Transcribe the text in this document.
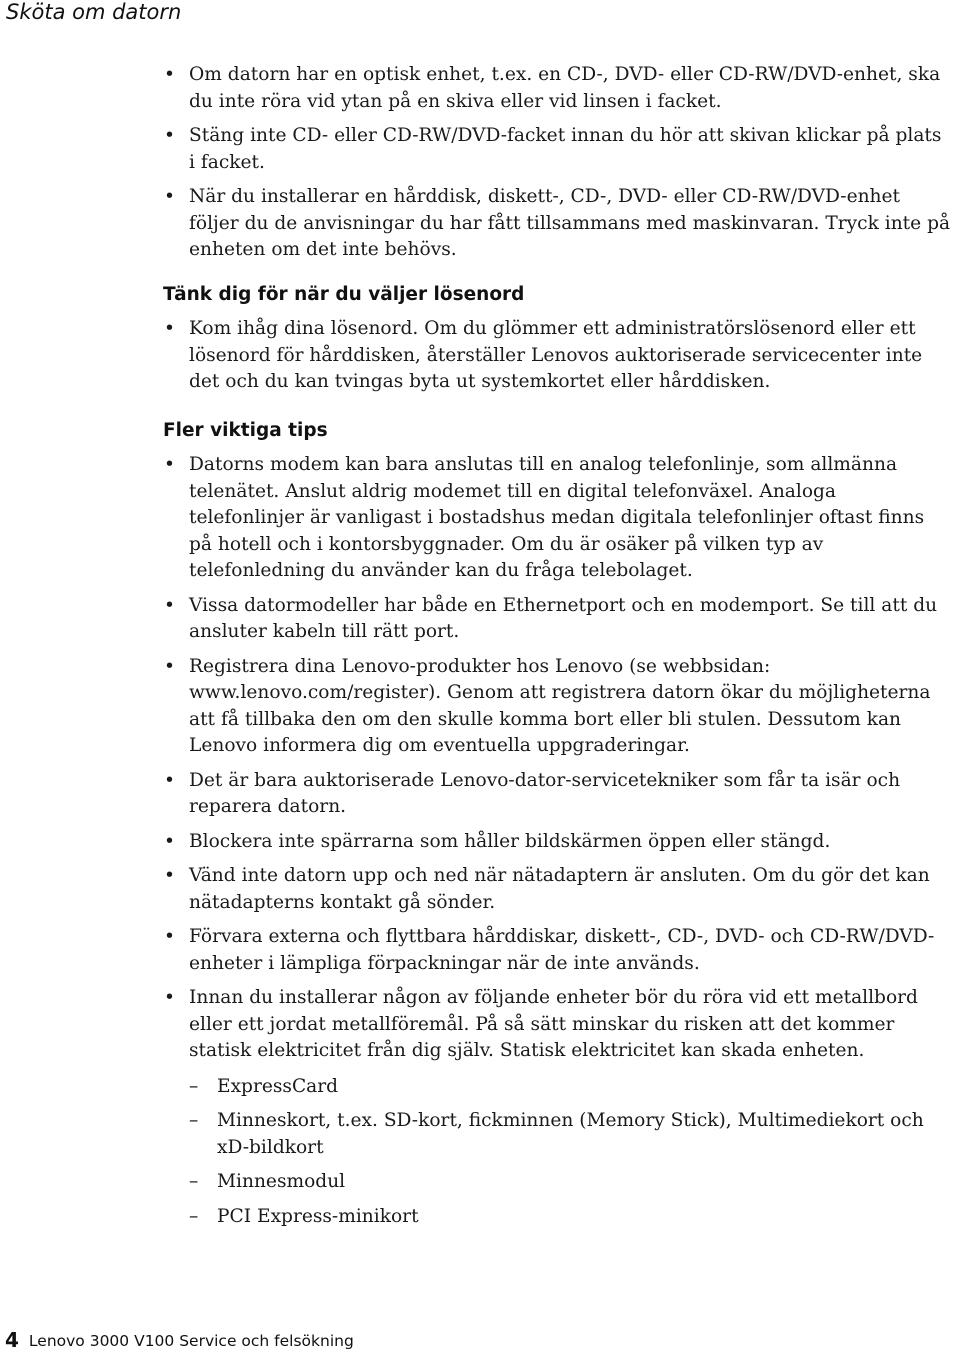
Sköta om datorn
• Om datorn har en optisk enhet, t.ex. en CD-, DVD- eller CD-RW/DVD-enhet, ska du inte röra vid ytan på en skiva eller vid linsen i facket.
• Stäng inte CD- eller CD-RW/DVD-facket innan du hör att skivan klickar på plats i facket.
• När du installerar en hårddisk, diskett-, CD-, DVD- eller CD-RW/DVD-enhet följer du de anvisningar du har fått tillsammans med maskinvaran. Tryck inte på enheten om det inte behövs.
Tänk dig för när du väljer lösenord
• Kom ihåg dina lösenord. Om du glömmer ett administratörslösenord eller ett lösenord för hårddisken, återställer Lenovos auktoriserade servicecenter inte det och du kan tvingas byta ut systemkortet eller hårddisken.
Fler viktiga tips
• Datorns modem kan bara anslutas till en analog telefonlinje, som allmänna telenätet. Anslut aldrig modemet till en digital telefonväxel. Analoga telefonlinjer är vanligast i bostadshus medan digitala telefonlinjer oftast finns på hotell och i kontorsbyggnader. Om du är osäker på vilken typ av telefonledning du använder kan du fråga telebolaget.
• Vissa datormodeller har både en Ethernetport och en modemport. Se till att du ansluter kabeln till rätt port.
• Registrera dina Lenovo-produkter hos Lenovo (se webbsidan: www.lenovo.com/register). Genom att registrera datorn ökar du möjligheterna att få tillbaka den om den skulle komma bort eller bli stulen. Dessutom kan Lenovo informera dig om eventuella uppgraderingar.
• Det är bara auktoriserade Lenovo-dator-servicetekniker som får ta isär och reparera datorn.
• Blockera inte spärrarna som håller bildskärmen öppen eller stängd.
• Vänd inte datorn upp och ned när nätadaptern är ansluten. Om du gör det kan nätadapterns kontakt gå sönder.
• Förvara externa och flyttbara hårddiskar, diskett-, CD-, DVD- och CD-RW/DVD-enheter i lämpliga förpackningar när de inte används.
• Innan du installerar någon av följande enheter bör du röra vid ett metallbord eller ett jordat metallföremål. På så sätt minskar du risken att det kommer statisk elektricitet från dig själv. Statisk elektricitet kan skada enheten.
– ExpressCard
– Minneskort, t.ex. SD-kort, fickminnen (Memory Stick), Multimediekort och xD-bildkort
– Minnesmodul
– PCI Express-minikort
4 Lenovo 3000 V100 Service och felsökning
